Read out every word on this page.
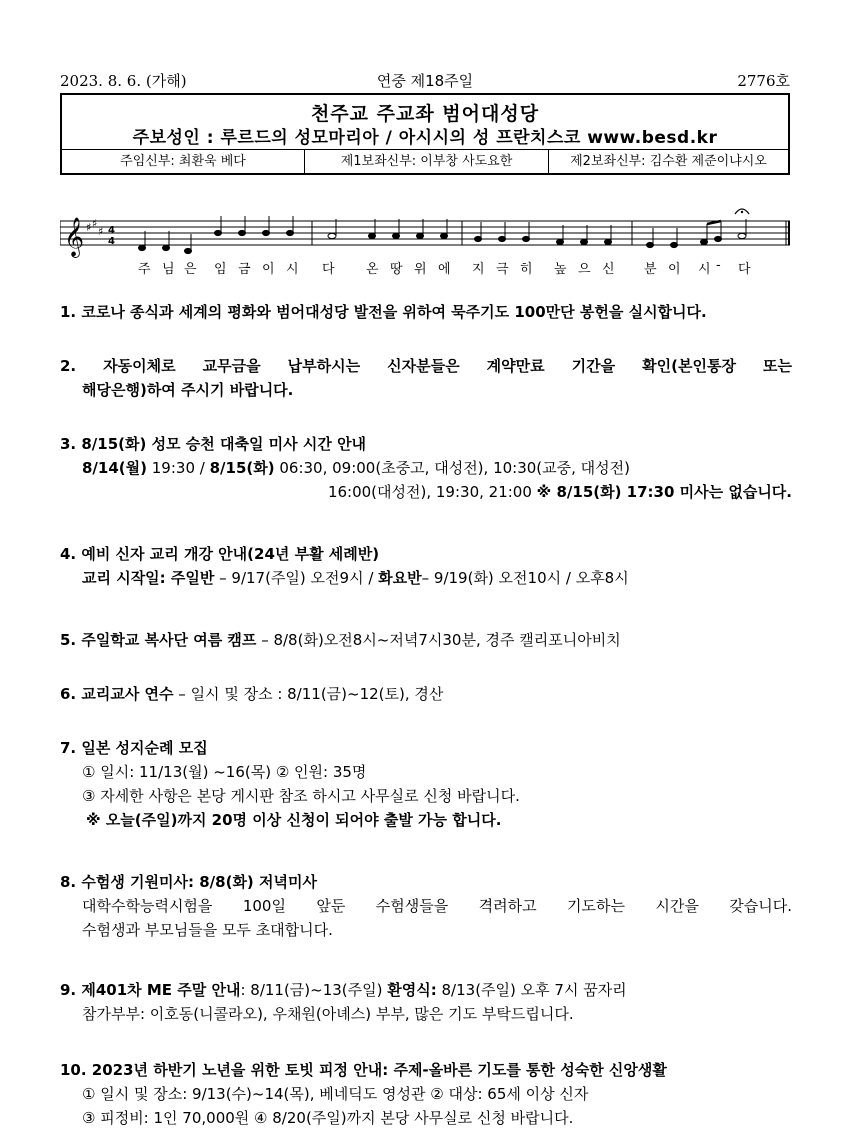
2023. 8. 6. (가해)	연중 제18주일	2776호
천주교 주교좌 범어대성당
주보성인 : 루르드의 성모마리아 / 아시시의 성 프란치스코 www.besd.kr
주임신부: 최환욱 베다	제1보좌신부: 이부창 사도요한	제2보좌신부: 김수환 제준이냐시오
𝄞 ♯ ♯
♯ 4
4
주 님 은 임 금 이 시 다 온 땅 위 에 지 극 히 높 으 신 분 이 시 - 다
1. 코로나 종식과 세계의 평화와 범어대성당 발전을 위하여 묵주기도 100만단 봉헌을 실시합니다.
2. 자동이체로 교무금을 납부하시는 신자분들은 계약만료 기간을 확인(본인통장 또는
해당은행)하여 주시기 바랍니다.
3. 8/15(화) 성모 승천 대축일 미사 시간 안내
8/14(월) 19:30 / 8/15(화) 06:30, 09:00(초중고, 대성전), 10:30(교중, 대성전)
16:00(대성전), 19:30, 21:00 ※ 8/15(화) 17:30 미사는 없습니다.
4. 예비 신자 교리 개강 안내(24년 부활 세례반)
교리 시작일: 주일반 – 9/17(주일) 오전9시 / 화요반– 9/19(화) 오전10시 / 오후8시
5. 주일학교 복사단 여름 캠프 – 8/8(화)오전8시~저녁7시30분, 경주 캘리포니아비치
6. 교리교사 연수 – 일시 및 장소 : 8/11(금)~12(토), 경산
7. 일본 성지순례 모집
① 일시: 11/13(월) ~16(목) ② 인원: 35명
③ 자세한 사항은 본당 게시판 참조 하시고 사무실로 신청 바랍니다.
※ 오늘(주일)까지 20명 이상 신청이 되어야 출발 가능 합니다.
8. 수험생 기원미사: 8/8(화) 저녁미사
대학수학능력시험을 100일 앞둔 수험생들을 격려하고 기도하는 시간을 갖습니다.
수험생과 부모님들을 모두 초대합니다.
9. 제401차 ME 주말 안내: 8/11(금)~13(주일) 환영식: 8/13(주일) 오후 7시 꿈자리
참가부부: 이호동(니콜라오), 우채원(아녜스) 부부, 많은 기도 부탁드립니다.
10. 2023년 하반기 노년을 위한 토빗 피정 안내: 주제-올바른 기도를 통한 성숙한 신앙생활
① 일시 및 장소: 9/13(수)~14(목), 베네딕도 영성관 ② 대상: 65세 이상 신자
③ 피정비: 1인 70,000원 ④ 8/20(주일)까지 본당 사무실로 신청 바랍니다.
